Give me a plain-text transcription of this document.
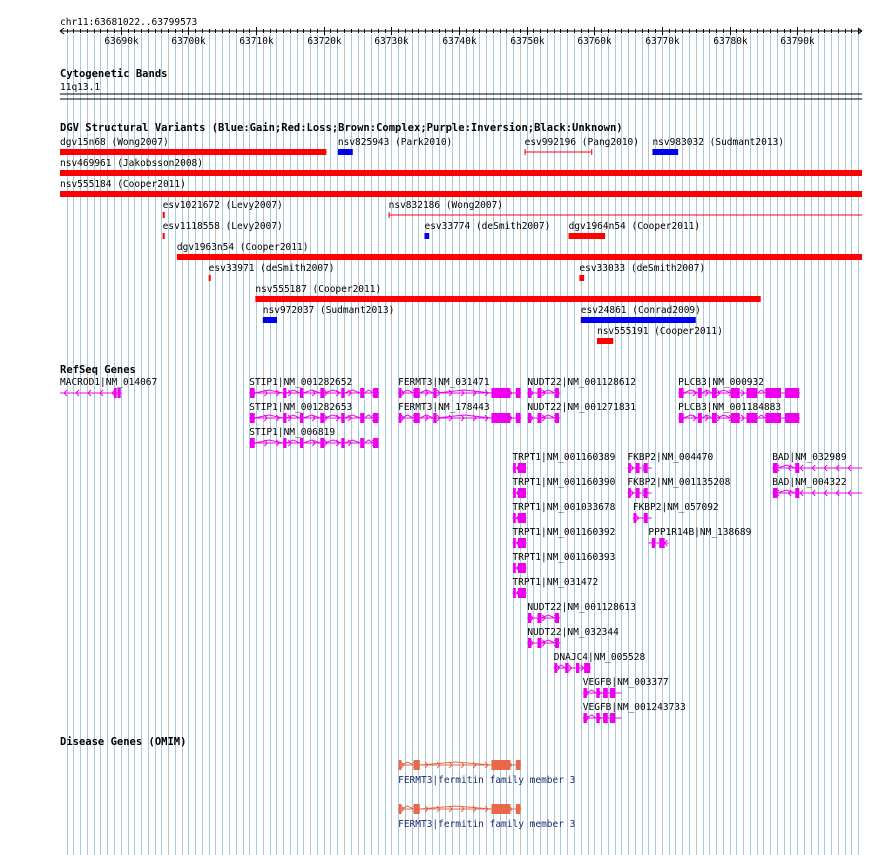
chr11:63681022..63799573
63690k	63700k	63710k	63720k	63730k	63740k	63750k	63760k	63770k	63780k	63790k
Cytogenetic Bands
11q13.1
DGV Structural Variants (Blue:Gain;Red:Loss;Brown:Complex;Purple:Inversion;Black:Unknown)
dgv15n68 (Wong2007)	nsv825943 (Park2010)	esv992196 (Pang2010) nsv983032 (Sudmant2013)
nsv469961 (Jakobsson2008)
nsv555184 (Cooper2011)
esv1021672 (Levy2007)	nsv832186 (Wong2007)
esv1118558 (Levy2007)	esv33774 (deSmith2007) dgv1964n54 (Cooper2011)
dgv1963n54 (Cooper2011)
esv33971 (deSmith2007)	esv33033 (deSmith2007)
nsv555187 (Cooper2011)
nsv972037 (Sudmant2013)	esv24861 (Conrad2009)
nsv555191 (Cooper2011)
RefSeq Genes
MACROD1|NM_014067	STIP1|NM_001282652	FERMT3|NM_031471	NUDT22|NM_001128612	PLCB3|NM_000932
STIP1|NM_001282653	FERMT3|NM_178443	NUDT22|NM_001271831	PLCB3|NM_001184883
STIP1|NM_006819
TRPT1|NM_001160389 FKBP2|NM_004470	BAD|NM_032989
TRPT1|NM_001160390 FKBP2|NM_001135208	BAD|NM_004322
TRPT1|NM_001033678 FKBP2|NM_057092
TRPT1|NM_001160392	PPP1R14B|NM_138689
TRPT1|NM_001160393
TRPT1|NM_031472
NUDT22|NM_001128613
NUDT22|NM_032344
DNAJC4|NM_005528
VEGFB|NM_003377
VEGFB|NM_001243733
Disease Genes (OMIM)
FERMT3|fermitin family member 3
FERMT3|fermitin family member 3
